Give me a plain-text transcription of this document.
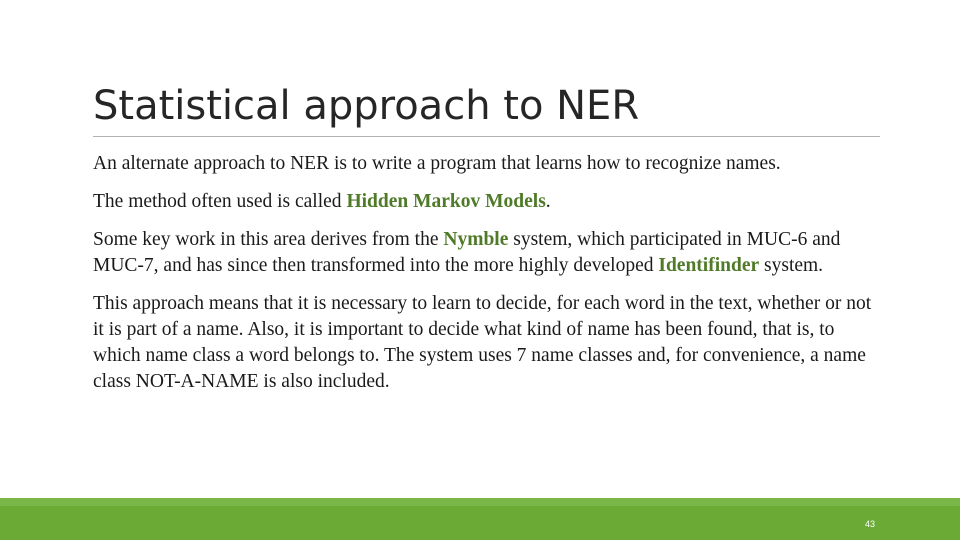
Statistical approach to NER

An alternate approach to NER is to write a program that learns how to recognize names.

The method often used is called Hidden Markov Models.

Some key work in this area derives from the Nymble system, which participated in MUC-6 and MUC-7, and has since then transformed into the more highly developed Identifinder system.

This approach means that it is necessary to learn to decide, for each word in the text, whether or not it is part of a name. Also, it is important to decide what kind of name has been found, that is, to which name class a word belongs to. The system uses 7 name classes and, for convenience, a name class NOT-A-NAME is also included.

43
